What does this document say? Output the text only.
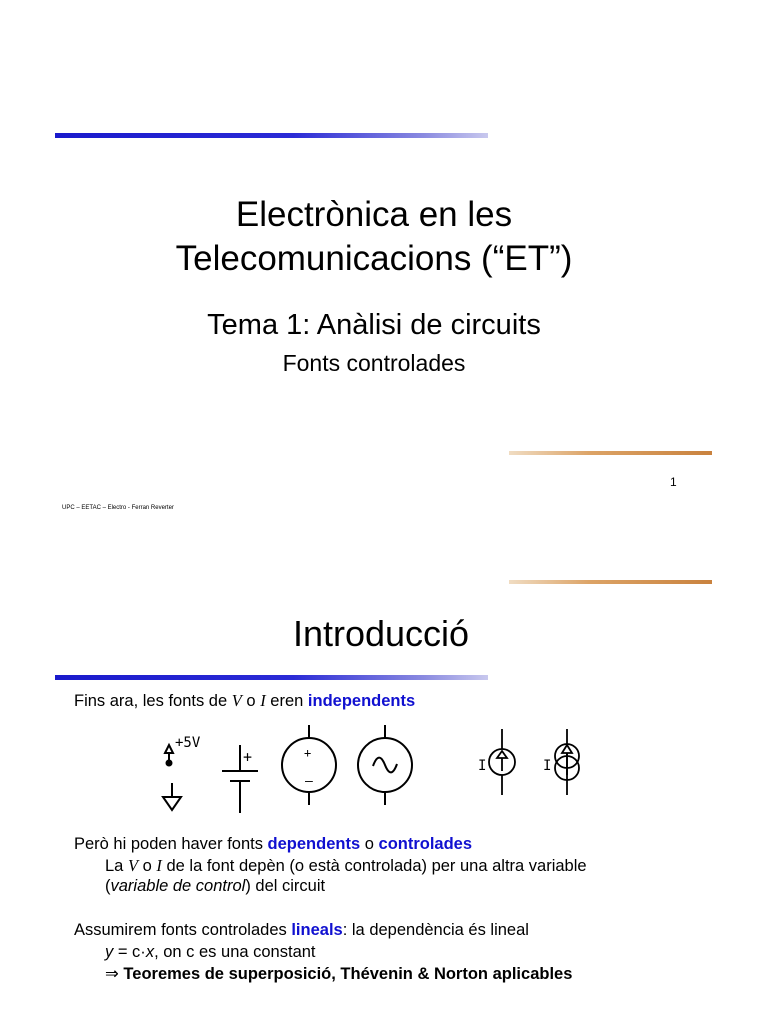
Electrònica en les
Telecomunicacions (“ET”)
Tema 1: Anàlisi de circuits
Fonts controlades
1
UPC – EETAC – Electro - Ferran Reverter
Introducció
Fins ara, les fonts de V o I eren independents
+5V
+	+
–
I	I
Però hi poden haver fonts dependents o controlades
La V o I de la font depèn (o està controlada) per una altra variable
(variable de control) del circuit
Assumirem fonts controlades lineals: la dependència és lineal
y = c·x, on c es una constant
⇒ Teoremes de superposició, Thévenin & Norton aplicables
